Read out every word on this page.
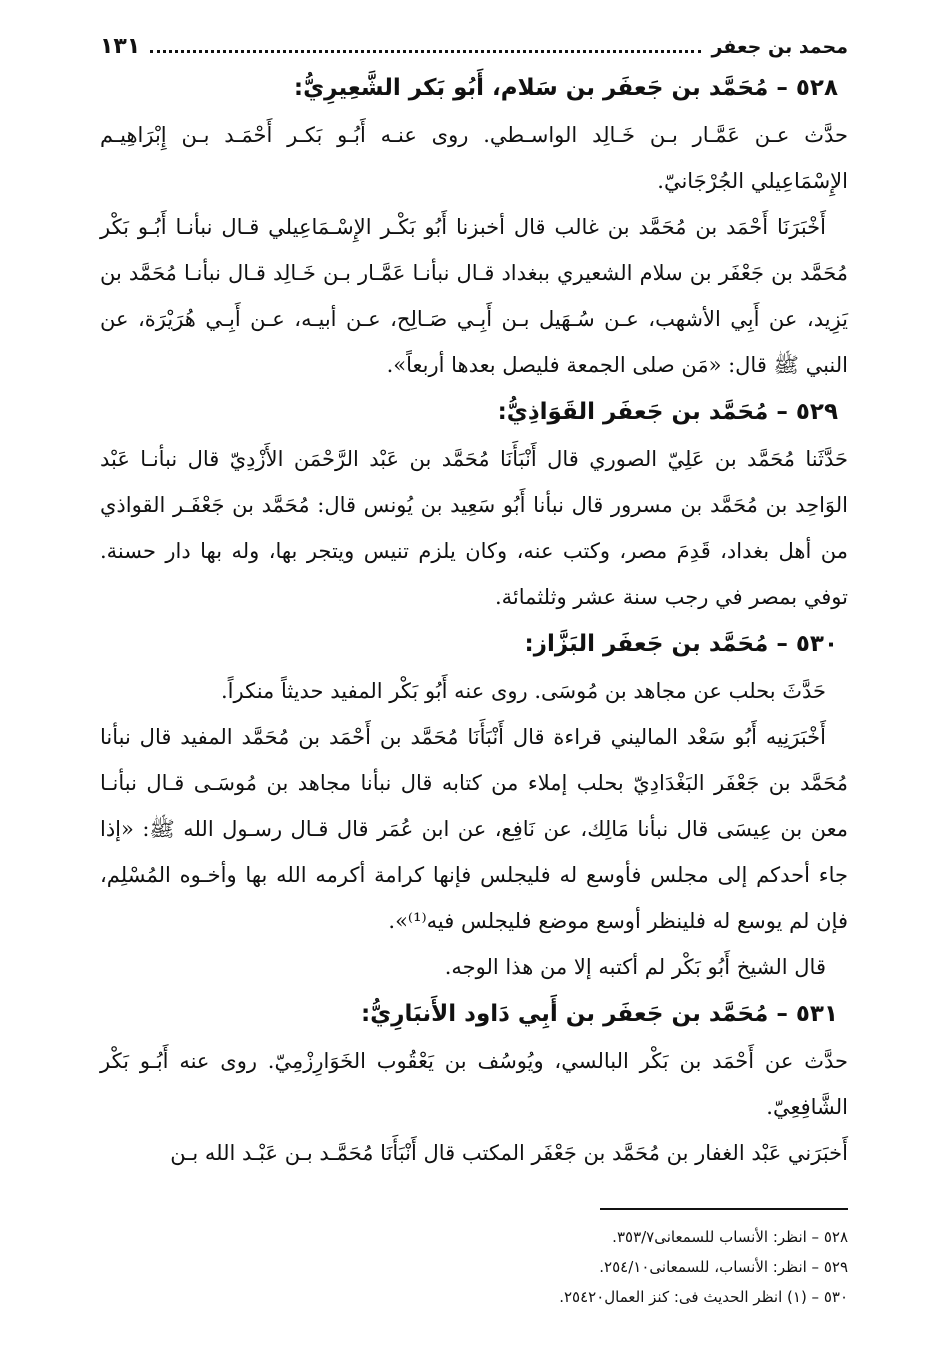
محمد بن جعفر
١٣١
٥٢٨ – مُحَمَّد بن جَعفَر بن سَلام، أَبُو بَكر الشَّعِيرِيُّ:

حدَّث عـن عَمَّـار بـن خَـالِد الواسـطي. روى عنـه أَبُـو بَكـر أَحْمَـد بـن إِبْرَاهِيـم الإِسْمَاعِيلي الجُرْجَانيّ.

أَخْبَرَنَا أَحْمَد بن مُحَمَّد بن غالب قال أخبزنا أَبُو بَكْـر الإِسْـمَاعِيلي قـال نبأنـا أَبُـو بَكْر مُحَمَّد بن جَعْفَر بن سلام الشعيري ببغداد قـال نبأنـا عَمَّـار بـن خَـالِد قـال نبأنـا مُحَمَّد بن يَزِيد، عن أَبِي الأشهب، عـن سُـهَيل بـن أَبِـي صَـالِح، عـن أبيـه، عـن أَبِـي هُرَيْرَة، عن النبي ﷺ قال: «مَن صلى الجمعة فليصل بعدها أربعاً».

٥٢٩ – مُحَمَّد بن جَعفَر القَوَاذِيُّ:

حَدَّثَنا مُحَمَّد بن عَلِيّ الصوري قال أَنْبَأَنَا مُحَمَّد بن عَبْد الرَّحْمَن الأَزْدِيّ قال نبأنـا عَبْد الوَاحِد بن مُحَمَّد بن مسرور قال نبأنا أَبُو سَعِيد بن يُونس قال: مُحَمَّد بن جَعْفَـر القواذي من أهل بغداد، قَدِمَ مصر، وكتب عنه، وكان يلزم تنيس ويتجر بها، وله بها دار حسنة. توفي بمصر في رجب سنة عشر وثلثمائة.

٥٣٠ – مُحَمَّد بن جَعفَر البَزَّاز:

حَدَّثَ بحلب عن مجاهد بن مُوسَى. روى عنه أَبُو بَكْر المفيد حديثاً منكراً.

أَخْبَرَنِيه أَبُو سَعْد الماليني قراءة قال أَنْبَأَنَا مُحَمَّد بن أَحْمَد بن مُحَمَّد المفيد قال نبأنا مُحَمَّد بن جَعْفَر البَغْدَادِيّ بحلب إملاء من كتابه قال نبأنا مجاهد بن مُوسَـى قـال نبأنـا معن بن عِيسَى قال نبأنا مَالِك، عن نَافِع، عن ابن عُمَر قال قـال رسـول الله ﷺ: «إذا جاء أحدكم إلى مجلس فأوسع له فليجلس فإنها كرامة أكرمه الله بها وأخـوه المُسْلِم، فإن لم يوسع له فلينظر أوسع موضع فليجلس فيه⁽¹⁾».

قال الشيخ أَبُو بَكْر لم أكتبه إلا من هذا الوجه.

٥٣١ – مُحَمَّد بن جَعفَر بن أَبِي دَاود الأَنبَارِيُّ:

حدَّث عن أَحْمَد بن بَكْر البالسي، ويُوسُف بن يَعْقُوب الخَوَارِزْمِيّ. روى عنه أَبُـو بَكْر الشَّافِعِيّ.

أَخبَرَني عَبْد الغفار بن مُحَمَّد بن جَعْفَر المكتب قال أَنْبَأَنَا مُحَمَّـد بـن عَبْـد الله بـن

٥٢٨ – انظر: الأنساب للسمعانى٣٥٣/٧.
٥٢٩ – انظر: الأنساب، للسمعانى٢٥٤/١٠.
٥٣٠ – (١) انظر الحديث فى: كنز العمال٢٥٤٢٠.
